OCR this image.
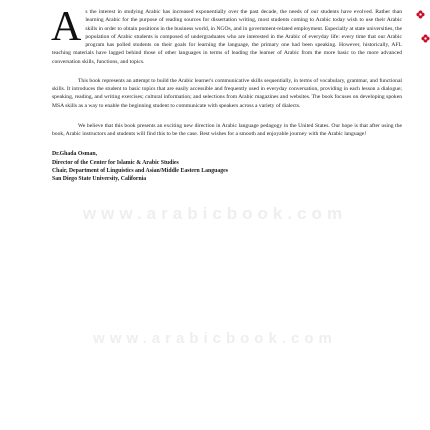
www.arabicbook.com
www.arabicbook.com

As the interest in studying Arabic has increased exponentially over the past decade, the needs of our students have evolved. Rather than learning Arabic for the purpose of reading sources for dissertation writing, most students coming to Arabic today wish to use their Arabic skills in order to obtain positions in the business world, in NGOs, and in government-related employment. Especially at state universities, the population of Arabic students is composed of undergraduates who are interested in the Arabic of everyday life: every time that our Arabic program has polled students on their goals for learning the language, the primary one had been speaking. However, historically, AFL teaching materials have lagged behind those of other languages in terms of leading the learner of Arabic from the more basic to the more advanced conversation skills, functions, and topics.

This book represents an attempt to build the Arabic learner's communicative skills sequentially, in terms of vocabulary, grammar, and functional skills. It introduces the student to basic topics that are easily accessible and frequently used in everyday conversation, providing in each lesson a dialogue; speaking, reading, and writing exercises; cultural information; and selections from Arabic magazines and websites. The book focuses on developing spoken MSA skills as a way to enable the beginning student to communicate with speakers across a variety of dialects.

We believe that this book presents an exciting new direction in Arabic language pedagogy in the United States. Our hope is that after using the book, Arabic instructors and students will find this to be the case. Best wishes for a smooth and enjoyable journey with the Arabic language!

Dr.Ghada Osman,
Director of the Center for Islamic & Arabic Studies
Chair, Department of Linguistics and Asian/Middle Eastern Languages
San Diego State University, California
